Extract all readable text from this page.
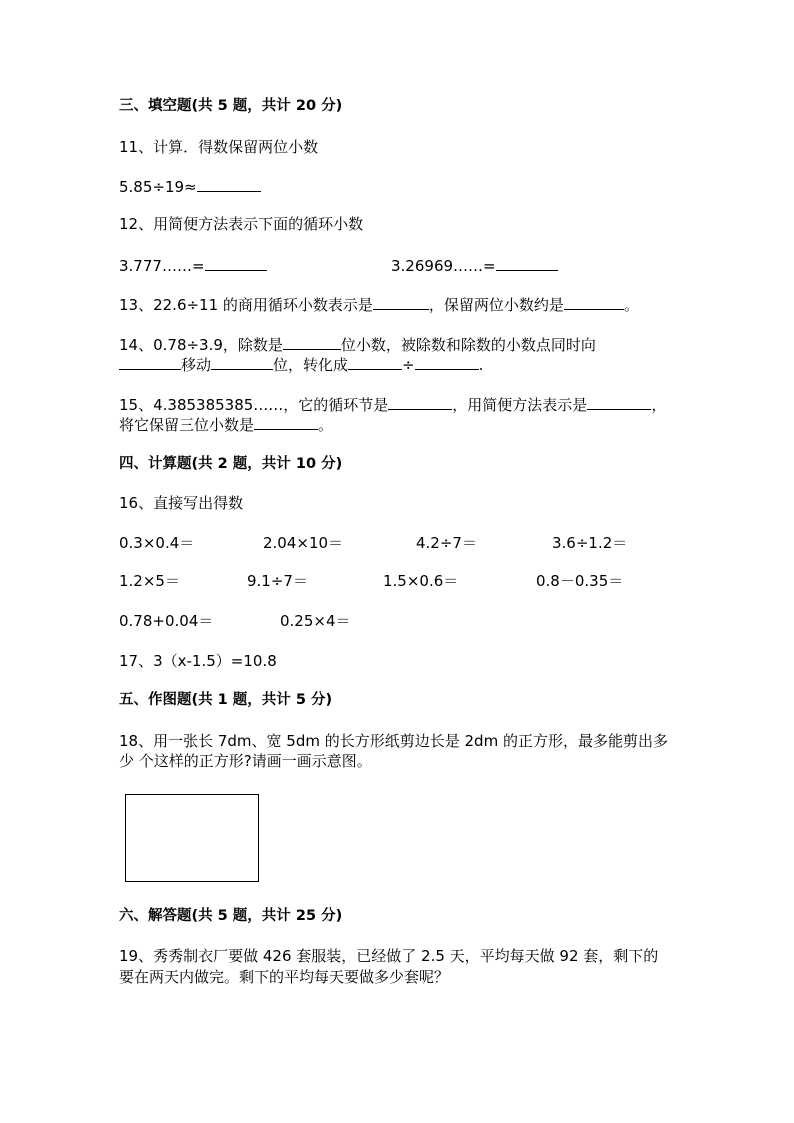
三、填空题(共 5 题，共计 20 分)
11、计算．得数保留两位小数
5.85÷19≈
12、用简便方法表示下面的循环小数
3.777……=	3.26969……=
13、22.6÷11 的商用循环小数表示是	，保留两位小数约是	。
14、0.78÷3.9，除数是	位小数，被除数和除数的小数点同时向
移动	位，转化成	÷	.
15、4.385385385……，它的循环节是	，用简便方法表示是	，
将它保留三位小数是	。
四、计算题(共 2 题，共计 10 分)
16、直接写出得数
0.3×0.4＝	2.04×10＝	4.2÷7＝	3.6÷1.2＝
1.2×5＝	9.1÷7＝	1.5×0.6＝	0.8－0.35＝
0.78+0.04＝	0.25×4＝
17、3（x-1.5）=10.8
五、作图题(共 1 题，共计 5 分)
18、用一张长 7dm、宽 5dm 的长方形纸剪边长是 2dm 的正方形，最多能剪出多
少 个这样的正方形?请画一画示意图。
六、解答题(共 5 题，共计 25 分)
19、秀秀制衣厂要做 426 套服装，已经做了 2.5 天，平均每天做 92 套，剩下的
要在两天内做完。剩下的平均每天要做多少套呢？
